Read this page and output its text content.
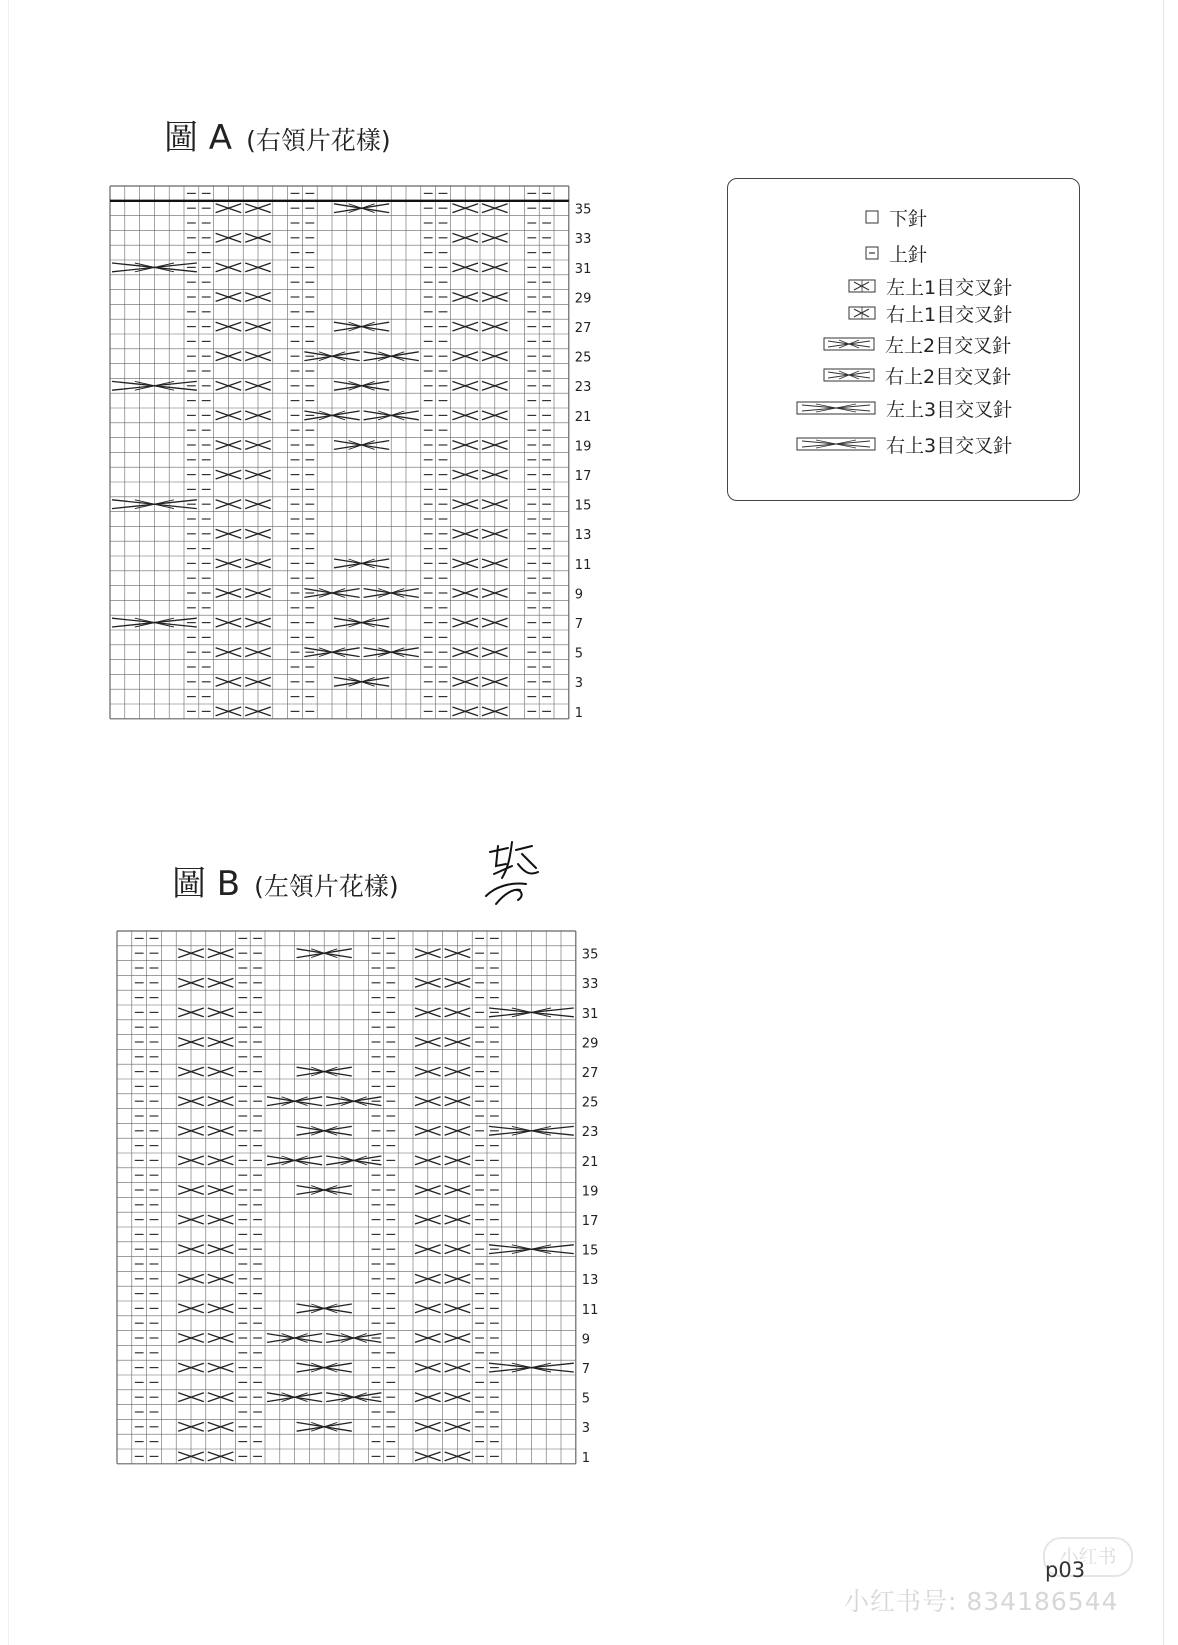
圖 A (右領片花樣)
1
3
5
7
9
11
13
15
17
19
21
23
25
27
29
31
33
35	下針
上針
左上1目交叉針
右上1目交叉針
左上2目交叉針
右上2目交叉針
左上3目交叉針
右上3目交叉針
圖 B (左領片花樣)
1
3
5
7
9
11
13
15
17
19
21
23
25
27
29
31
33
35
小红书
小红书号: 834186544
p03
